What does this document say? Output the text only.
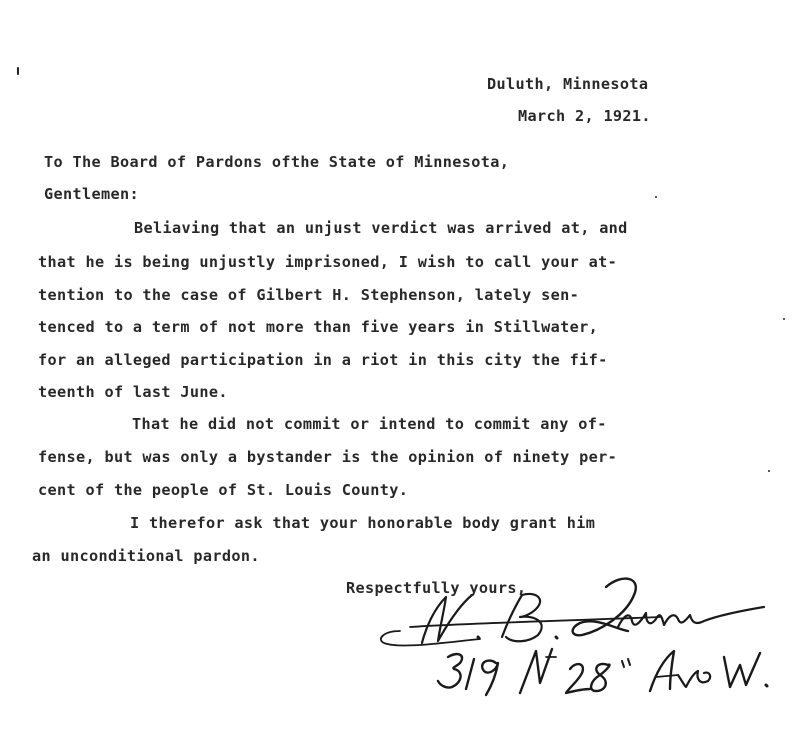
Duluth, Minnesota
March 2, 1921.
To The Board of Pardons ofthe State of Minnesota,
Gentlemen:
Beliaving that an unjust verdict was arrived at, and
that he is being unjustly imprisoned, I wish to call your at-
tention to the case of Gilbert H. Stephenson, lately sen-
tenced to a term of not more than five years in Stillwater,
for an alleged participation in a riot in this city the fif-
teenth of last June.
That he did not commit or intend to commit any of-
fense, but was only a bystander is the opinion of ninety per-
cent of the people of St. Louis County.
I therefor ask that your honorable body grant him
an unconditional pardon.
Respectfully yours,
